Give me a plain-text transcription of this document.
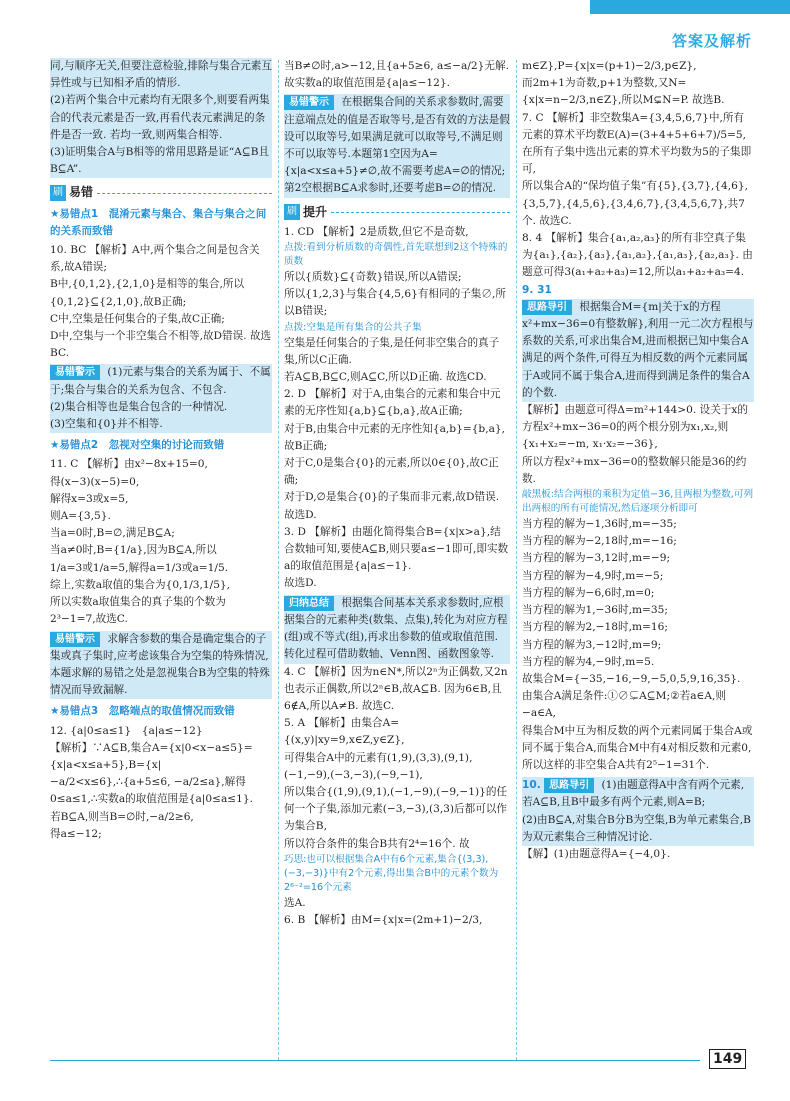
答案及解析

同,与顺序无关,但要注意检验,排除与集合元素互异性或与已知相矛盾的情形.

(2)若两个集合中元素均有无限多个,则要看两集合的代表元素是否一致,再看代表元素满足的条件是否一致. 若均一致,则两集合相等.

(3)证明集合A与B相等的常用思路是证“A⊆B且B⊆A”.

刷 易错

★易错点1　混淆元素与集合、集合与集合之间的关系而致错

10. BC 【解析】A中,两个集合之间是包含关系,故A错误;

B中,{0,1,2},{2,1,0}是相等的集合,所以{0,1,2}⊆{2,1,0},故B正确;

C中,空集是任何集合的子集,故C正确;

D中,空集与一个非空集合不相等,故D错误. 故选BC.

易错警示 (1)元素与集合的关系为属于、不属于;集合与集合的关系为包含、不包含.

(2)集合相等也是集合包含的一种情况.

(3)空集和{0}并不相等.

★易错点2　忽视对空集的讨论而致错

11. C 【解析】由x²−8x+15=0,

得(x−3)(x−5)=0,

解得x=3或x=5,

则A={3,5}.

当a=0时,B=∅,满足B⊆A;

当a≠0时,B={1/a},因为B⊆A,所以

1/a=3或1/a=5,解得a=1/3或a=1/5.

综上,实数a取值的集合为{0,1/3,1/5},

所以实数a取值集合的真子集的个数为

2³−1=7,故选C.

易错警示 求解含参数的集合是确定集合的子集或真子集时,应考虑该集合为空集的特殊情况,本题求解的易错之处是忽视集合B为空集的特殊情况而导致漏解.

★易错点3　忽略端点的取值情况而致错

12. {a|0≤a≤1}　{a|a≤−12}

【解析】∵A⊆B,集合A={x|0<x−a≤5}={x|a<x≤a+5},B={x|−a/2<x≤6},∴{a+5≤6, −a/2≤a},解得0≤a≤1,∴实数a的取值范围是{a|0≤a≤1}.

若B⊆A,则当B=∅时,−a/2≥6,

得a≤−12;

当B≠∅时,a>−12,且{a+5≥6, a≤−a/2}无解.

故实数a的取值范围是{a|a≤−12}.

易错警示 在根据集合间的关系求参数时,需要注意端点处的值是否取等号,是否有效的方法是假设可以取等号,如果满足就可以取等号,不满足则不可以取等号.本题第1空因为A={x|a<x≤a+5}≠∅,故不需要考虑A=∅的情况;第2空根据B⊆A求参时,还要考虑B=∅的情况.
刷 提升

1. CD 【解析】2是质数,但它不是奇数,

点拨:看到分析质数的奇偶性,首先联想到2这个特殊的质数

所以{质数}⊆{奇数}错误,所以A错误;

所以{1,2,3}与集合{4,5,6}有相同的子集∅,所以B错误;

点拨:空集是所有集合的公共子集

空集是任何集合的子集,是任何非空集合的真子集,所以C正确.

若A⊆B,B⊆C,则A⊆C,所以D正确. 故选CD.

2. D 【解析】对于A,由集合的元素和集合中元素的无序性知{a,b}⊆{b,a},故A正确;

对于B,由集合中元素的无序性知{a,b}={b,a},故B正确;

对于C,0是集合{0}的元素,所以0∈{0},故C正确;

对于D,∅是集合{0}的子集而非元素,故D错误.

故选D.

3. D 【解析】由题化简得集合B={x|x>a},结合数轴可知,要使A⊆B,则只要a≤−1即可,即实数a的取值范围是{a|a≤−1}.

故选D.

归纳总结 根据集合间基本关系求参数时,应根据集合的元素种类(数集、点集),转化为对应方程(组)或不等式(组),再求出参数的值或取值范围. 转化过程可借助数轴、Venn图、函数图象等.

4. C 【解析】因为n∈N*,所以2ⁿ为正偶数,又2n也表示正偶数,所以2ⁿ∈B,故A⊆B. 因为6∈B,且6∉A,所以A≠B. 故选C.

5. A 【解析】由集合A={(x,y)|xy=9,x∈Z,y∈Z},

可得集合A中的元素有(1,9),(3,3),(9,1),(−1,−9),(−3,−3),(−9,−1),

所以集合{(1,9),(9,1),(−1,−9),(−9,−1)}的任何一个子集,添加元素(−3,−3),(3,3)后都可以作为集合B,

所以符合条件的集合B共有2⁴=16个. 故

巧思:也可以根据集合A中有6个元素,集合{(3,3),(−3,−3)}中有2个元素,得出集合B中的元素个数为2⁶⁻²=16个元素

选A.

6. B 【解析】由M={x|x=(2m+1)−2/3,

m∈Z},P={x|x=(p+1)−2/3,p∈Z},

而2m+1为奇数,p+1为整数,又N={x|x=n−2/3,n∈Z},所以M⊊N=P. 故选B.

7. C 【解析】非空数集A={3,4,5,6,7}中,所有元素的算术平均数E(A)=(3+4+5+6+7)/5=5,

在所有子集中选出元素的算术平均数为5的子集即可,

所以集合A的“保均值子集”有{5},{3,7},{4,6},{3,5,7},{4,5,6},{3,4,6,7},{3,4,5,6,7},共7个. 故选C.

8. 4 【解析】集合{a₁,a₂,a₃}的所有非空真子集为{a₁},{a₂},{a₃},{a₁,a₂},{a₁,a₃},{a₂,a₃}. 由题意可得3(a₁+a₂+a₃)=12,所以a₁+a₂+a₃=4.

9. 31

思路导引 根据集合M={m|关于x的方程x²+mx−36=0有整数解},利用一元二次方程根与系数的关系,可求出集合M,进而根据已知中集合A满足的两个条件,可得互为相反数的两个元素同属于A或同不属于集合A,进而得到满足条件的集合A的个数.

【解析】由题意可得Δ=m²+144>0. 设关于x的方程x²+mx−36=0的两个根分别为x₁,x₂,则{x₁+x₂=−m, x₁·x₂=−36},

所以方程x²+mx−36=0的整数解只能是36的约数.

敲黑板:结合两根的乘积为定值−36,且两根为整数,可列出两根的所有可能情况,然后逐项分析即可

当方程的解为−1,36时,m=−35;

当方程的解为−2,18时,m=−16;

当方程的解为−3,12时,m=−9;

当方程的解为−4,9时,m=−5;

当方程的解为−6,6时,m=0;

当方程的解为1,−36时,m=35;

当方程的解为2,−18时,m=16;

当方程的解为3,−12时,m=9;

当方程的解为4,−9时,m=5.

故集合M={−35,−16,−9,−5,0,5,9,16,35}.

由集合A满足条件:①∅⊊A⊆M;②若a∈A,则−a∈A,

得集合M中互为相反数的两个元素同属于集合A或同不属于集合A,而集合M中有4对相反数和元素0,

所以这样的非空集合A共有2⁵−1=31个.

10. 思路导引 (1)由题意得A中含有两个元素,若A⊆B,且B中最多有两个元素,则A=B;

(2)由B⊆A,对集合B分B为空集,B为单元素集合,B为双元素集合三种情况讨论.

【解】(1)由题意得A={−4,0}.

149
